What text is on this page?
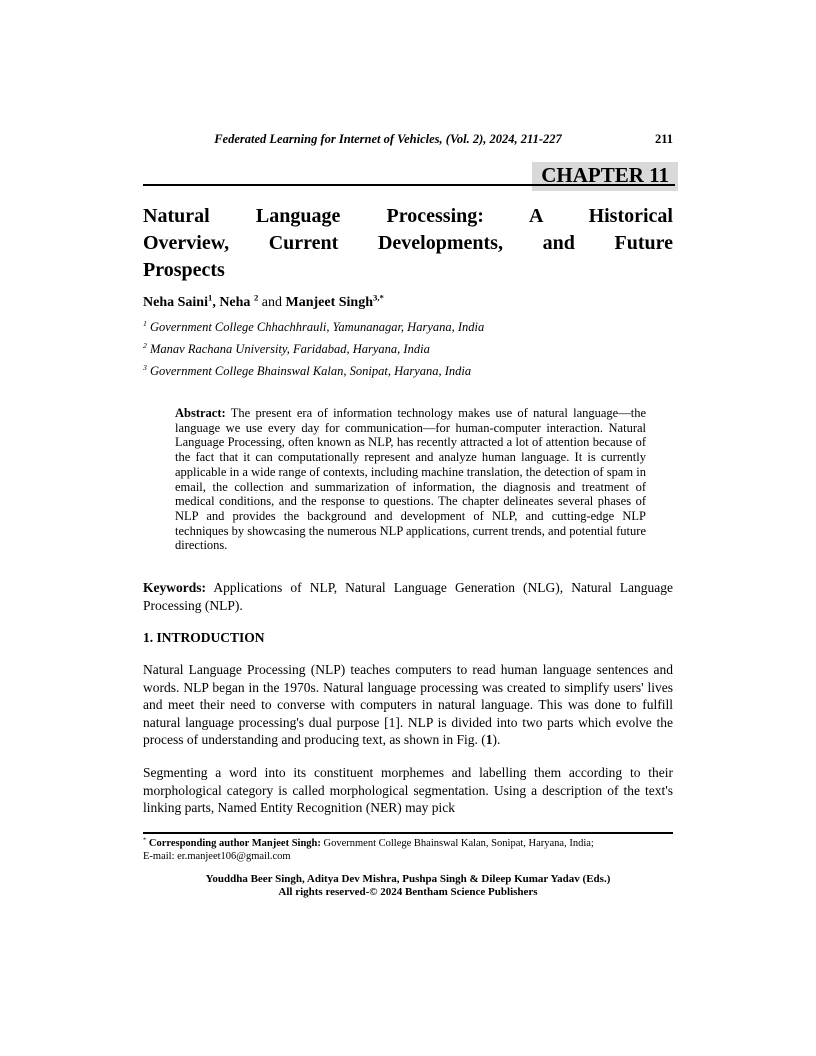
Federated Learning for Internet of Vehicles, (Vol. 2), 2024, 211-227	211
CHAPTER 11
Natural Language Processing: A Historical
Overview, Current Developments, and Future
Prospects

Neha Saini$^1$, Neha $^2$ and Manjeet Singh$^{3,*}$

$^1$ Government College Chhachhrauli, Yamunanagar, Haryana, India
$^2$ Manav Rachana University, Faridabad, Haryana, India
$^3$ Government College Bhainswal Kalan, Sonipat, Haryana, India

Abstract: The present era of information technology makes use of natural language—the language we use every day for communication—for human-computer interaction. Natural Language Processing, often known as NLP, has recently attracted a lot of attention because of the fact that it can computationally represent and analyze human language. It is currently applicable in a wide range of contexts, including machine translation, the detection of spam in email, the collection and summarization of information, the diagnosis and treatment of medical conditions, and the response to questions. The chapter delineates several phases of NLP and provides the background and development of NLP, and cutting-edge NLP techniques by showcasing the numerous NLP applications, current trends, and potential future directions.

Keywords: Applications of NLP, Natural Language Generation (NLG), Natural Language Processing (NLP).

1. INTRODUCTION

Natural Language Processing (NLP) teaches computers to read human language sentences and words. NLP began in the 1970s. Natural language processing was created to simplify users' lives and meet their need to converse with computers in natural language. This was done to fulfill natural language processing's dual purpose [1]. NLP is divided into two parts which evolve the process of understanding and producing text, as shown in Fig. (1).

Segmenting a word into its constituent morphemes and labelling them according to their morphological category is called morphological segmentation. Using a description of the text's linking parts, Named Entity Recognition (NER) may pick

* Corresponding author Manjeet Singh: Government College Bhainswal Kalan, Sonipat, Haryana, India;
E-mail: er.manjeet106@gmail.com

Youddha Beer Singh, Aditya Dev Mishra, Pushpa Singh & Dileep Kumar Yadav (Eds.)
All rights reserved-© 2024 Bentham Science Publishers
